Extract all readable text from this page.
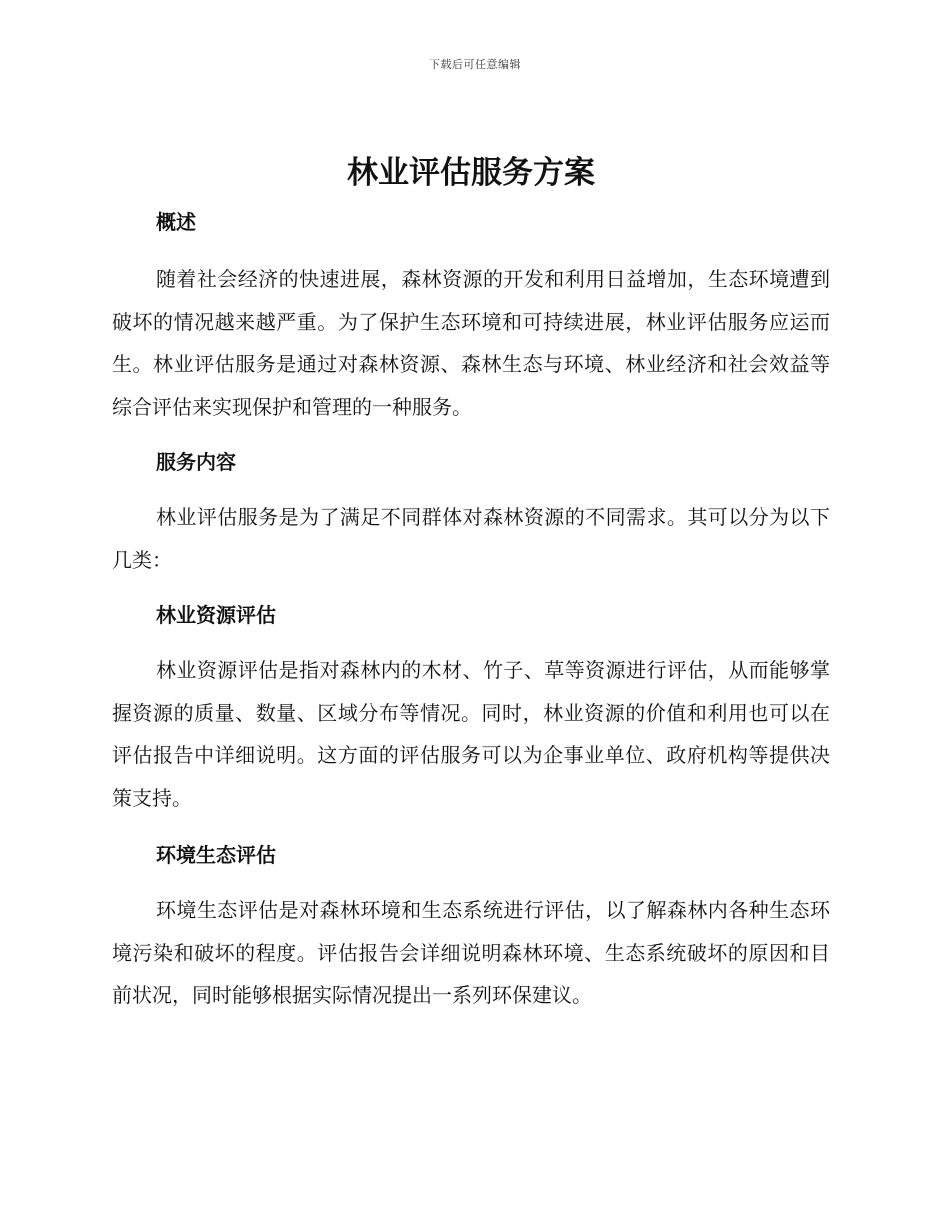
下载后可任意编辑
林业评估服务方案
概述

随着社会经济的快速进展，森林资源的开发和利用日益增加，生态环境遭到破坏的情况越来越严重。为了保护生态环境和可持续进展，林业评估服务应运而生。林业评估服务是通过对森林资源、森林生态与环境、林业经济和社会效益等综合评估来实现保护和管理的一种服务。

服务内容

林业评估服务是为了满足不同群体对森林资源的不同需求。其可以分为以下几类：

林业资源评估

林业资源评估是指对森林内的木材、竹子、草等资源进行评估，从而能够掌握资源的质量、数量、区域分布等情况。同时，林业资源的价值和利用也可以在评估报告中详细说明。这方面的评估服务可以为企事业单位、政府机构等提供决策支持。

环境生态评估

环境生态评估是对森林环境和生态系统进行评估，以了解森林内各种生态环境污染和破坏的程度。评估报告会详细说明森林环境、生态系统破坏的原因和目前状况，同时能够根据实际情况提出一系列环保建议。
